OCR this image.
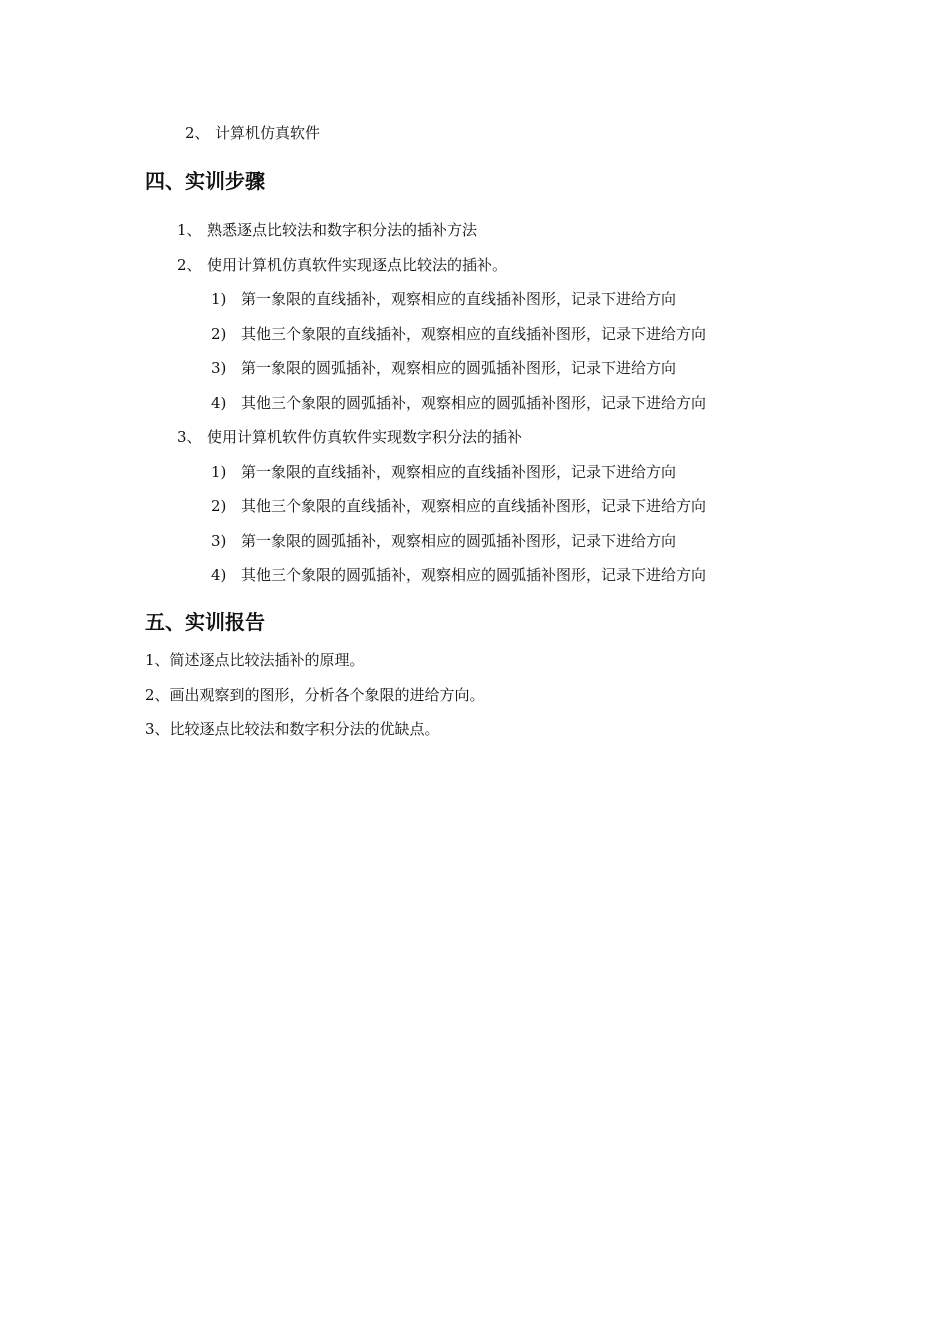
2、 计算机仿真软件
四、实训步骤
1、 熟悉逐点比较法和数字积分法的插补方法
2、 使用计算机仿真软件实现逐点比较法的插补。
1) 第一象限的直线插补，观察相应的直线插补图形，记录下进给方向
2) 其他三个象限的直线插补，观察相应的直线插补图形，记录下进给方向
3) 第一象限的圆弧插补，观察相应的圆弧插补图形，记录下进给方向
4) 其他三个象限的圆弧插补，观察相应的圆弧插补图形，记录下进给方向
3、 使用计算机软件仿真软件实现数字积分法的插补
1) 第一象限的直线插补，观察相应的直线插补图形，记录下进给方向
2) 其他三个象限的直线插补，观察相应的直线插补图形，记录下进给方向
3) 第一象限的圆弧插补，观察相应的圆弧插补图形，记录下进给方向
4) 其他三个象限的圆弧插补，观察相应的圆弧插补图形，记录下进给方向
五、实训报告
1、简述逐点比较法插补的原理。
2、画出观察到的图形，分析各个象限的进给方向。
3、比较逐点比较法和数字积分法的优缺点。
